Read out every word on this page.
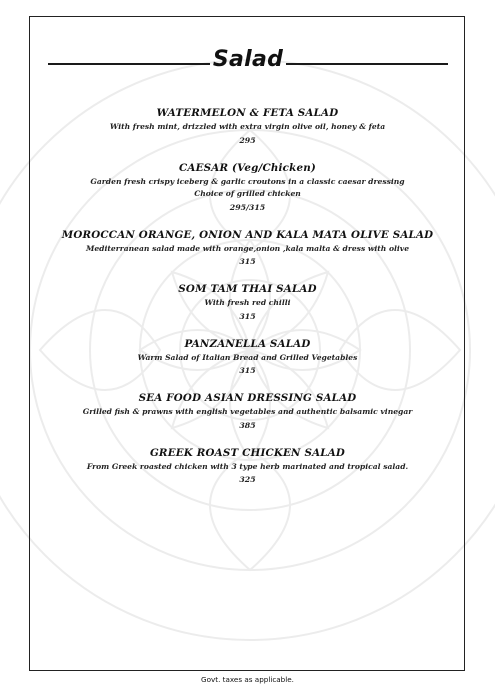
Salad
WATERMELON & FETA SALAD
With fresh mint, drizzled with extra virgin olive oil, honey & feta
295
CAESAR (Veg/Chicken)
Garden fresh crispy iceberg & garlic croutons in a classic caesar dressing
Choice of grilled chicken
295/315
MOROCCAN ORANGE, ONION AND KALA MATA OLIVE SALAD
Mediterranean salad made with orange,onion ,kala malta & dress with olive
315
SOM TAM THAI SALAD
With fresh red chilli
315
PANZANELLA SALAD
Warm Salad of Italian Bread and Grilled Vegetables
315
SEA FOOD ASIAN DRESSING SALAD
Grilled fish & prawns with english vegetables and authentic balsamic vinegar
385
GREEK ROAST CHICKEN SALAD
From Greek roasted chicken with 3 type herb marinated and tropical salad.
325
Govt. taxes as applicable.
